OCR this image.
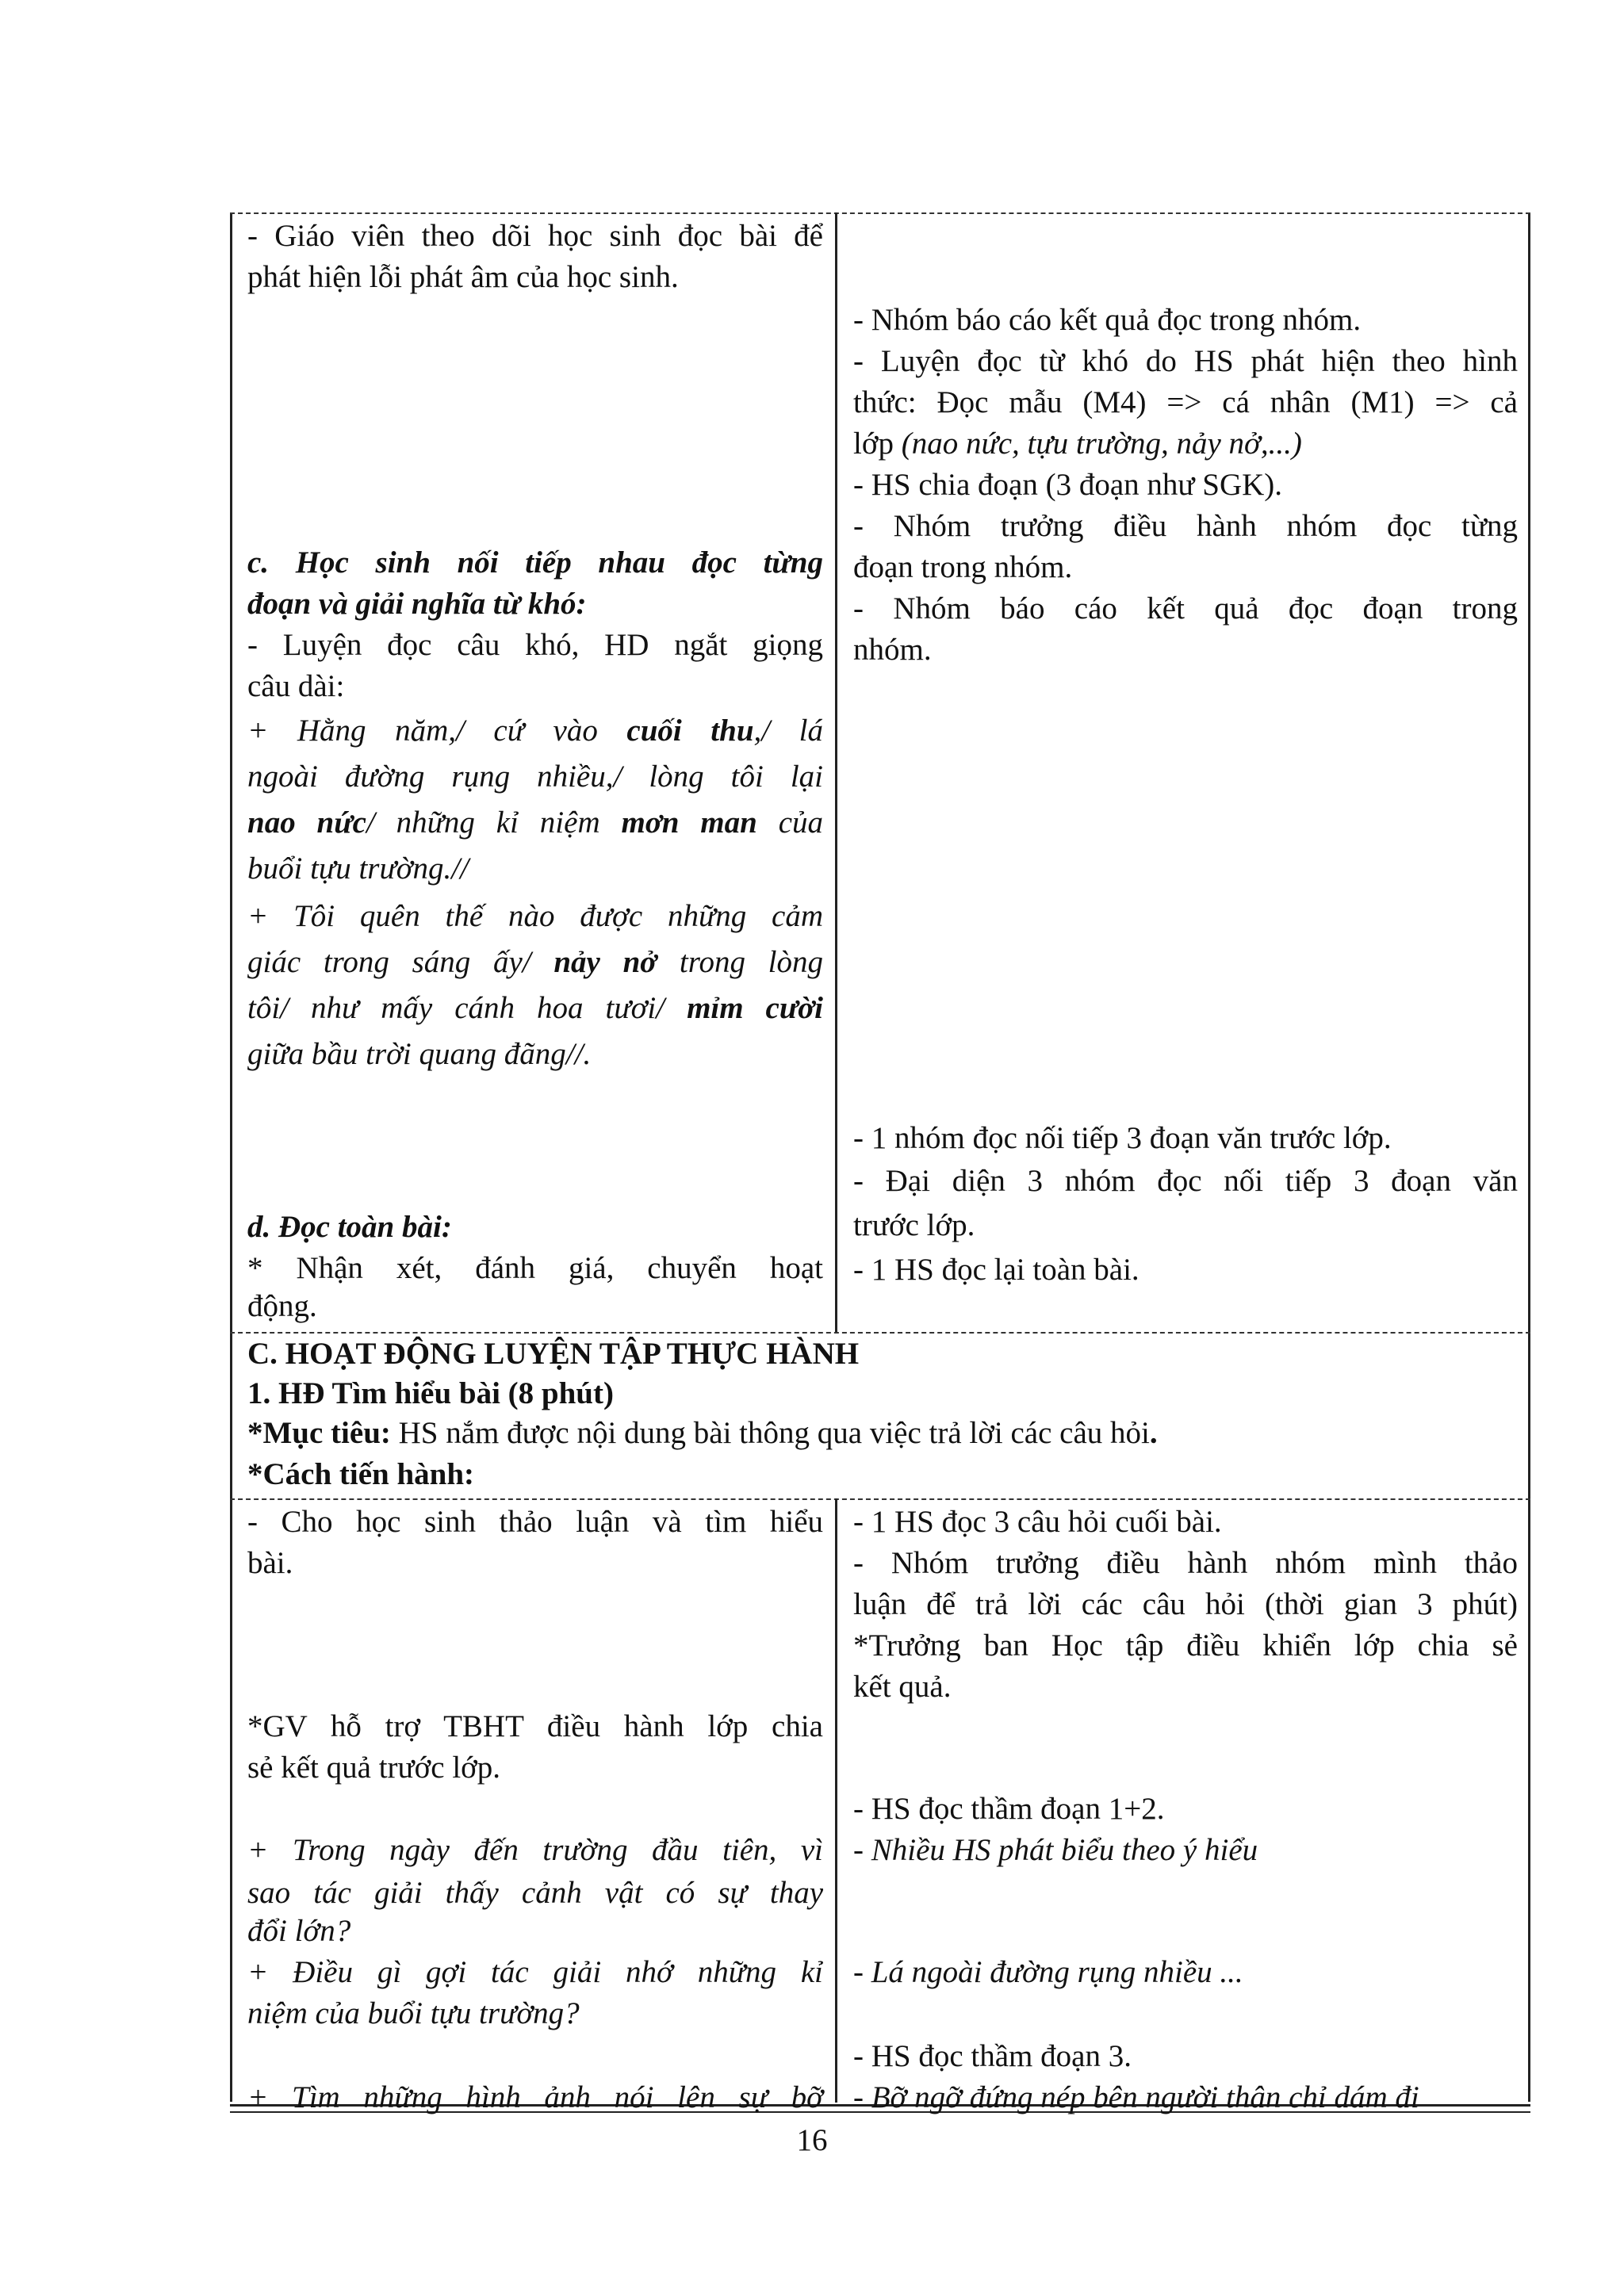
- Giáo viên theo dõi học sinh đọc bài để
phát hiện lỗi phát âm của học sinh.
- Nhóm báo cáo kết quả đọc trong nhóm.
- Luyện đọc từ khó do HS phát hiện theo hình
thức: Đọc mẫu (M4) => cá nhân (M1) => cả
lớp (nao nức, tựu trường, nảy nở,...)
- HS chia đoạn (3 đoạn như SGK).
- Nhóm trưởng điều hành nhóm đọc từng
đoạn trong nhóm.
- Nhóm báo cáo kết quả đọc đoạn trong
nhóm.
c. Học sinh nối tiếp nhau đọc từng
đoạn và giải nghĩa từ khó:
- Luyện đọc câu khó, HD ngắt giọng
câu dài:
+ Hằng năm,/ cứ vào cuối thu,/ lá
ngoài đường rụng nhiều,/ lòng tôi lại
nao nức/ những kỉ niệm mơn man của
buổi tựu trường.//
+ Tôi quên thế nào được những cảm
giác trong sáng ấy/ nảy nở trong lòng
tôi/ như mấy cánh hoa tươi/ mỉm cười
giữa bầu trời quang đãng//.
- 1 nhóm đọc nối tiếp 3 đoạn văn trước lớp.
- Đại diện 3 nhóm đọc nối tiếp 3 đoạn văn
trước lớp.
- 1 HS đọc lại toàn bài.
d. Đọc toàn bài:
* Nhận xét, đánh giá, chuyển hoạt
động.
C. HOẠT ĐỘNG LUYỆN TẬP THỰC HÀNH
1. HĐ Tìm hiểu bài (8 phút)
*Mục tiêu: HS nắm được nội dung bài thông qua việc trả lời các câu hỏi.
*Cách tiến hành:
- Cho học sinh thảo luận và tìm hiểu
bài.
*GV hỗ trợ TBHT điều hành lớp chia
sẻ kết quả trước lớp.
+ Trong ngày đến trường đầu tiên, vì
sao tác giải thấy cảnh vật có sự thay
đổi lớn?
+ Điều gì gợi tác giải nhớ những kỉ
niệm của buổi tựu trường?
+ Tìm những hình ảnh nói lên sự bỡ
- 1 HS đọc 3 câu hỏi cuối bài.
- Nhóm trưởng điều hành nhóm mình thảo
luận để trả lời các câu hỏi (thời gian 3 phút)
*Trưởng ban Học tập điều khiển lớp chia sẻ
kết quả.
- HS đọc thầm đoạn 1+2.
- Nhiều HS phát biểu theo ý hiểu
- Lá ngoài đường rụng nhiều ...
- HS đọc thầm đoạn 3.
- Bỡ ngỡ đứng nép bên người thân chỉ dám đi
16
